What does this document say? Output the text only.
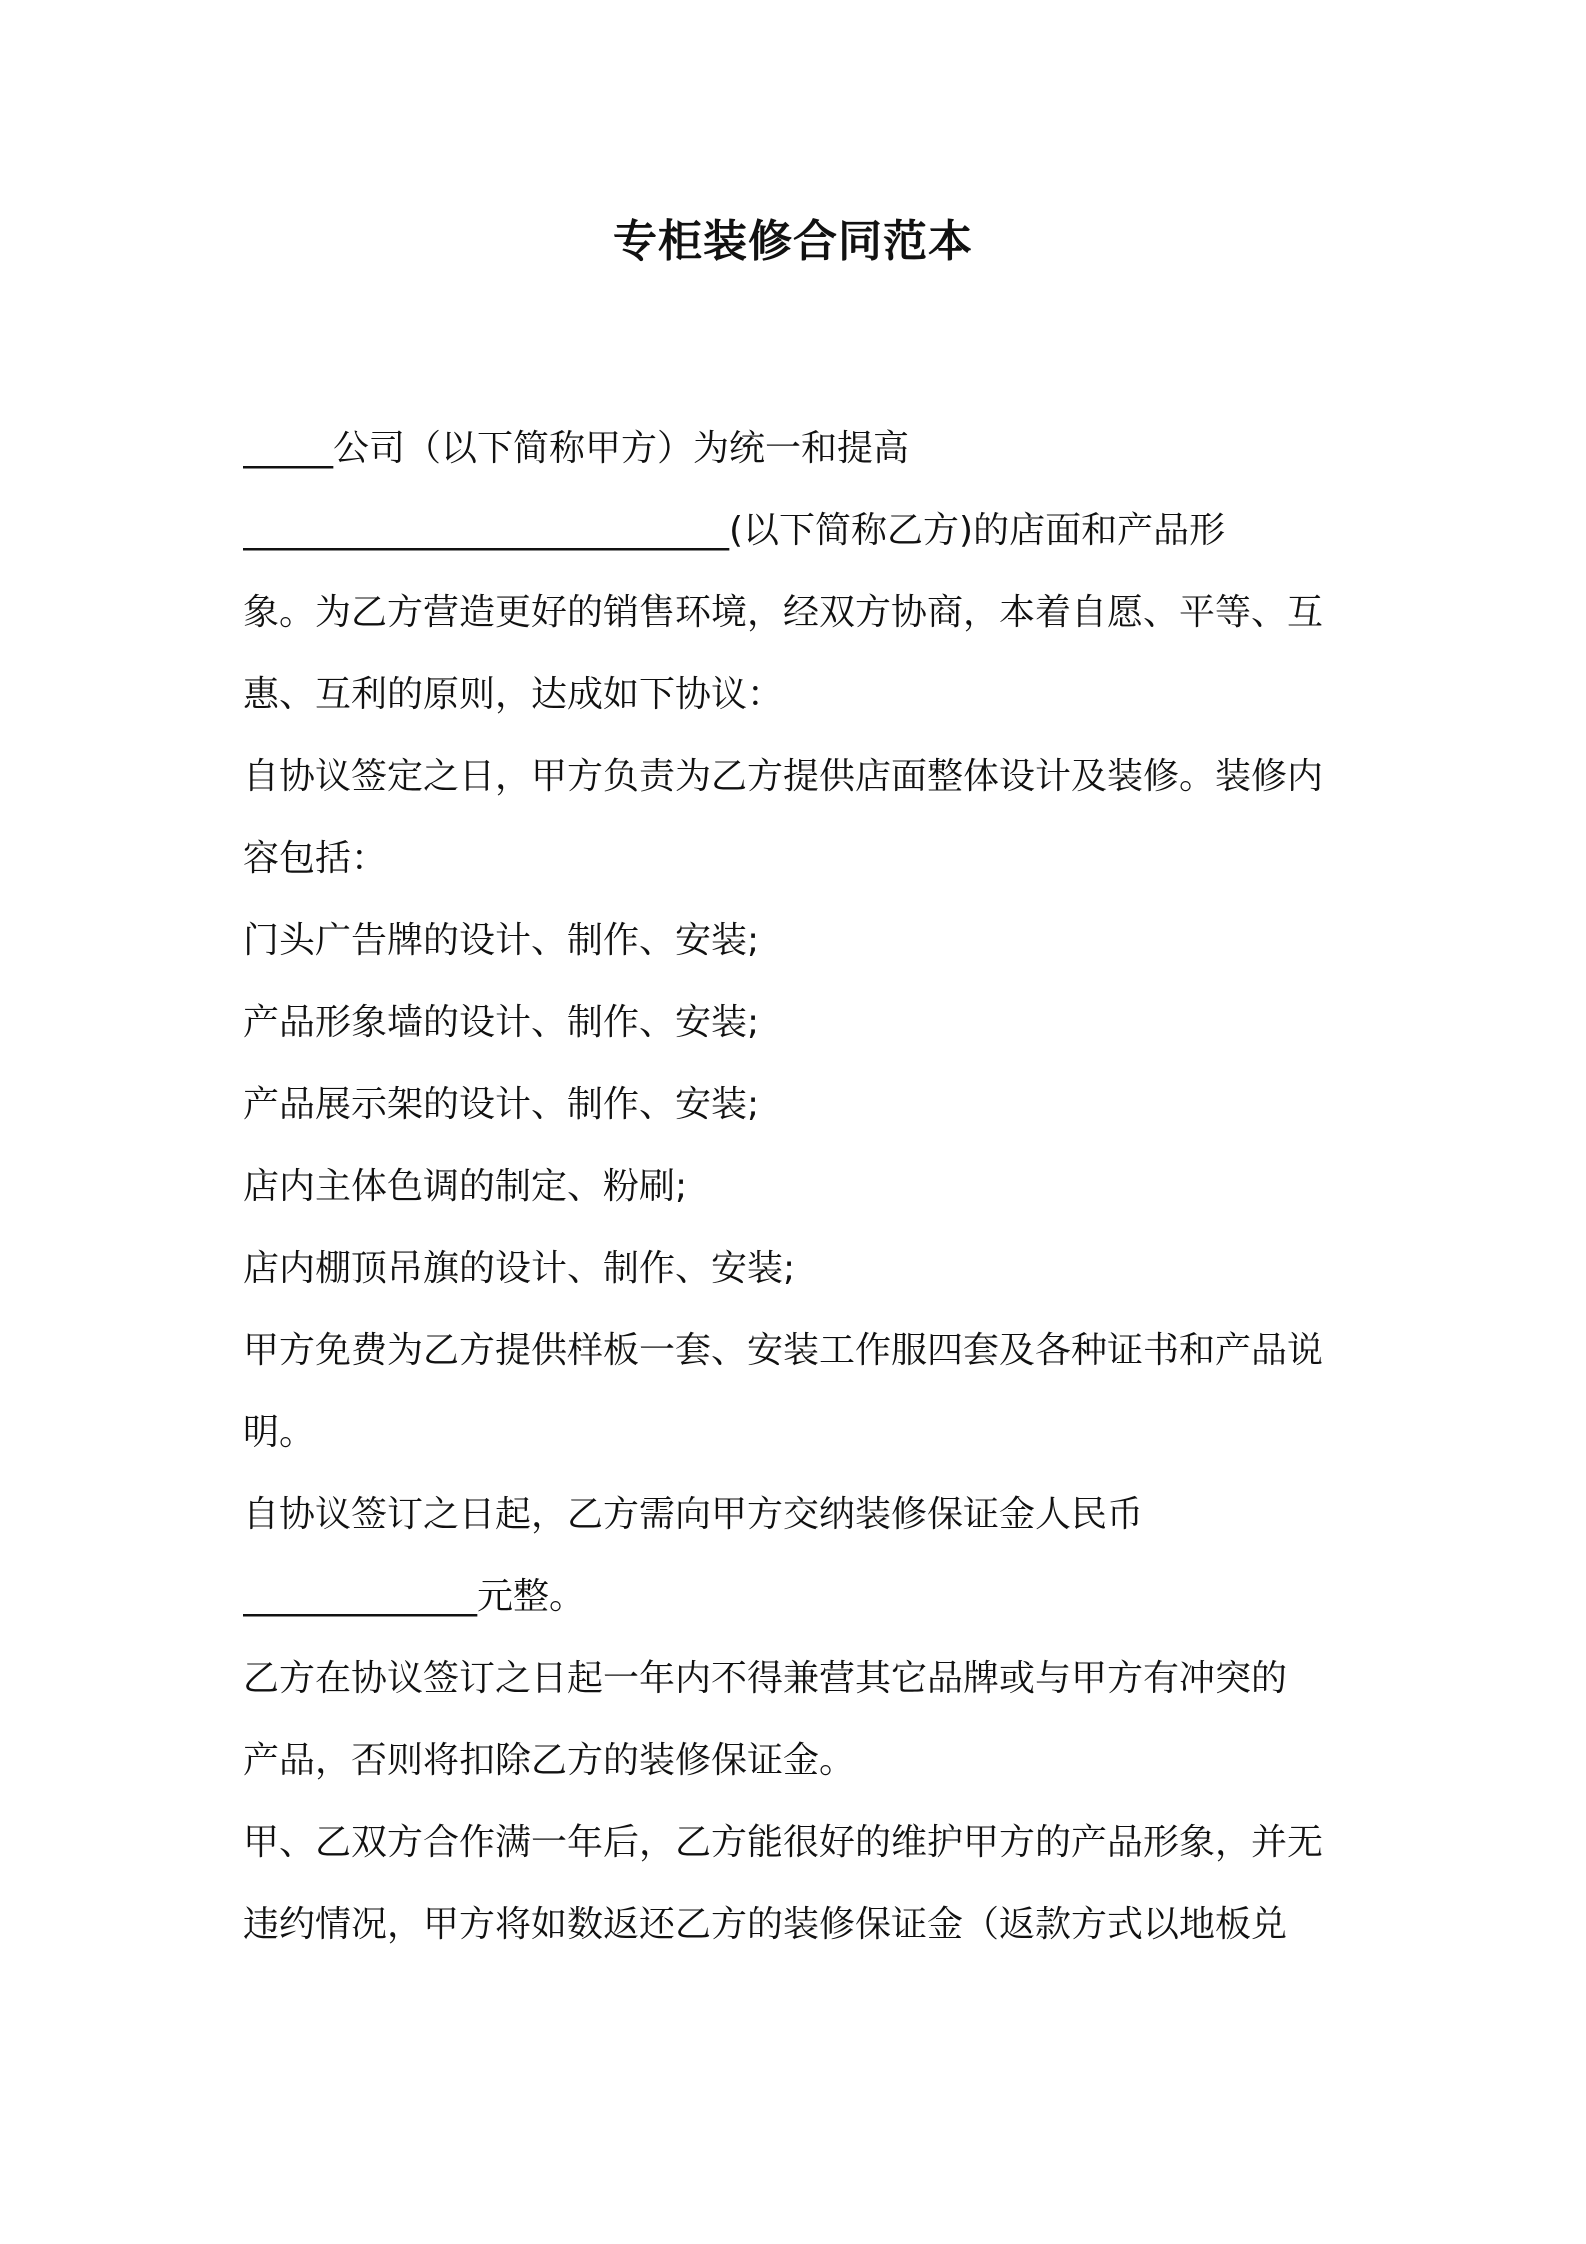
专柜装修合同范本
_____公司（以下简称甲方）为统一和提高
___________________________(以下简称乙方)的店面和产品形
象。为乙方营造更好的销售环境，经双方协商，本着自愿、平等、互
惠、互利的原则，达成如下协议：
自协议签定之日，甲方负责为乙方提供店面整体设计及装修。装修内
容包括：
门头广告牌的设计、制作、安装;
产品形象墙的设计、制作、安装;
产品展示架的设计、制作、安装;
店内主体色调的制定、粉刷;
店内棚顶吊旗的设计、制作、安装;
甲方免费为乙方提供样板一套、安装工作服四套及各种证书和产品说
明。
自协议签订之日起，乙方需向甲方交纳装修保证金人民币
_____________元整。
乙方在协议签订之日起一年内不得兼营其它品牌或与甲方有冲突的
产品，否则将扣除乙方的装修保证金。
甲、乙双方合作满一年后，乙方能很好的维护甲方的产品形象，并无
违约情况，甲方将如数返还乙方的装修保证金（返款方式以地板兑
